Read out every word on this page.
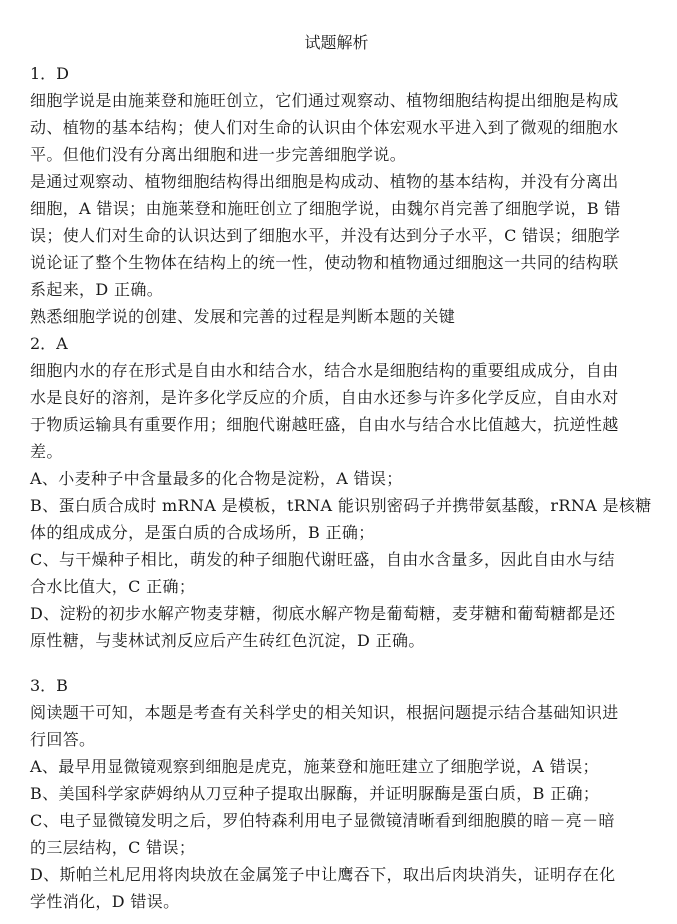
试题解析
1．D
细胞学说是由施莱登和施旺创立，它们通过观察动、植物细胞结构提出细胞是构成
动、植物的基本结构；使人们对生命的认识由个体宏观水平进入到了微观的细胞水
平。但他们没有分离出细胞和进一步完善细胞学说。
是通过观察动、植物细胞结构得出细胞是构成动、植物的基本结构，并没有分离出
细胞，A 错误；由施莱登和施旺创立了细胞学说，由魏尔肖完善了细胞学说，B 错
误；使人们对生命的认识达到了细胞水平，并没有达到分子水平，C 错误；细胞学
说论证了整个生物体在结构上的统一性，使动物和植物通过细胞这一共同的结构联
系起来，D 正确。
熟悉细胞学说的创建、发展和完善的过程是判断本题的关键
2．A
细胞内水的存在形式是自由水和结合水，结合水是细胞结构的重要组成成分，自由
水是良好的溶剂，是许多化学反应的介质，自由水还参与许多化学反应，自由水对
于物质运输具有重要作用；细胞代谢越旺盛，自由水与结合水比值越大，抗逆性越
差。
A、小麦种子中含量最多的化合物是淀粉，A 错误；
B、蛋白质合成时 mRNA 是模板，tRNA 能识别密码子并携带氨基酸，rRNA 是核糖
体的组成成分，是蛋白质的合成场所，B 正确；
C、与干燥种子相比，萌发的种子细胞代谢旺盛，自由水含量多，因此自由水与结
合水比值大，C 正确；
D、淀粉的初步水解产物麦芽糖，彻底水解产物是葡萄糖，麦芽糖和葡萄糖都是还
原性糖，与斐林试剂反应后产生砖红色沉淀，D 正确。
3．B
阅读题干可知，本题是考查有关科学史的相关知识，根据问题提示结合基础知识进
行回答。
A、最早用显微镜观察到细胞是虎克，施莱登和施旺建立了细胞学说，A 错误；
B、美国科学家萨姆纳从刀豆种子提取出脲酶，并证明脲酶是蛋白质，B 正确；
C、电子显微镜发明之后，罗伯特森利用电子显微镜清晰看到细胞膜的暗－亮－暗
的三层结构，C 错误；
D、斯帕兰札尼用将肉块放在金属笼子中让鹰吞下，取出后肉块消失，证明存在化
学性消化，D 错误。
